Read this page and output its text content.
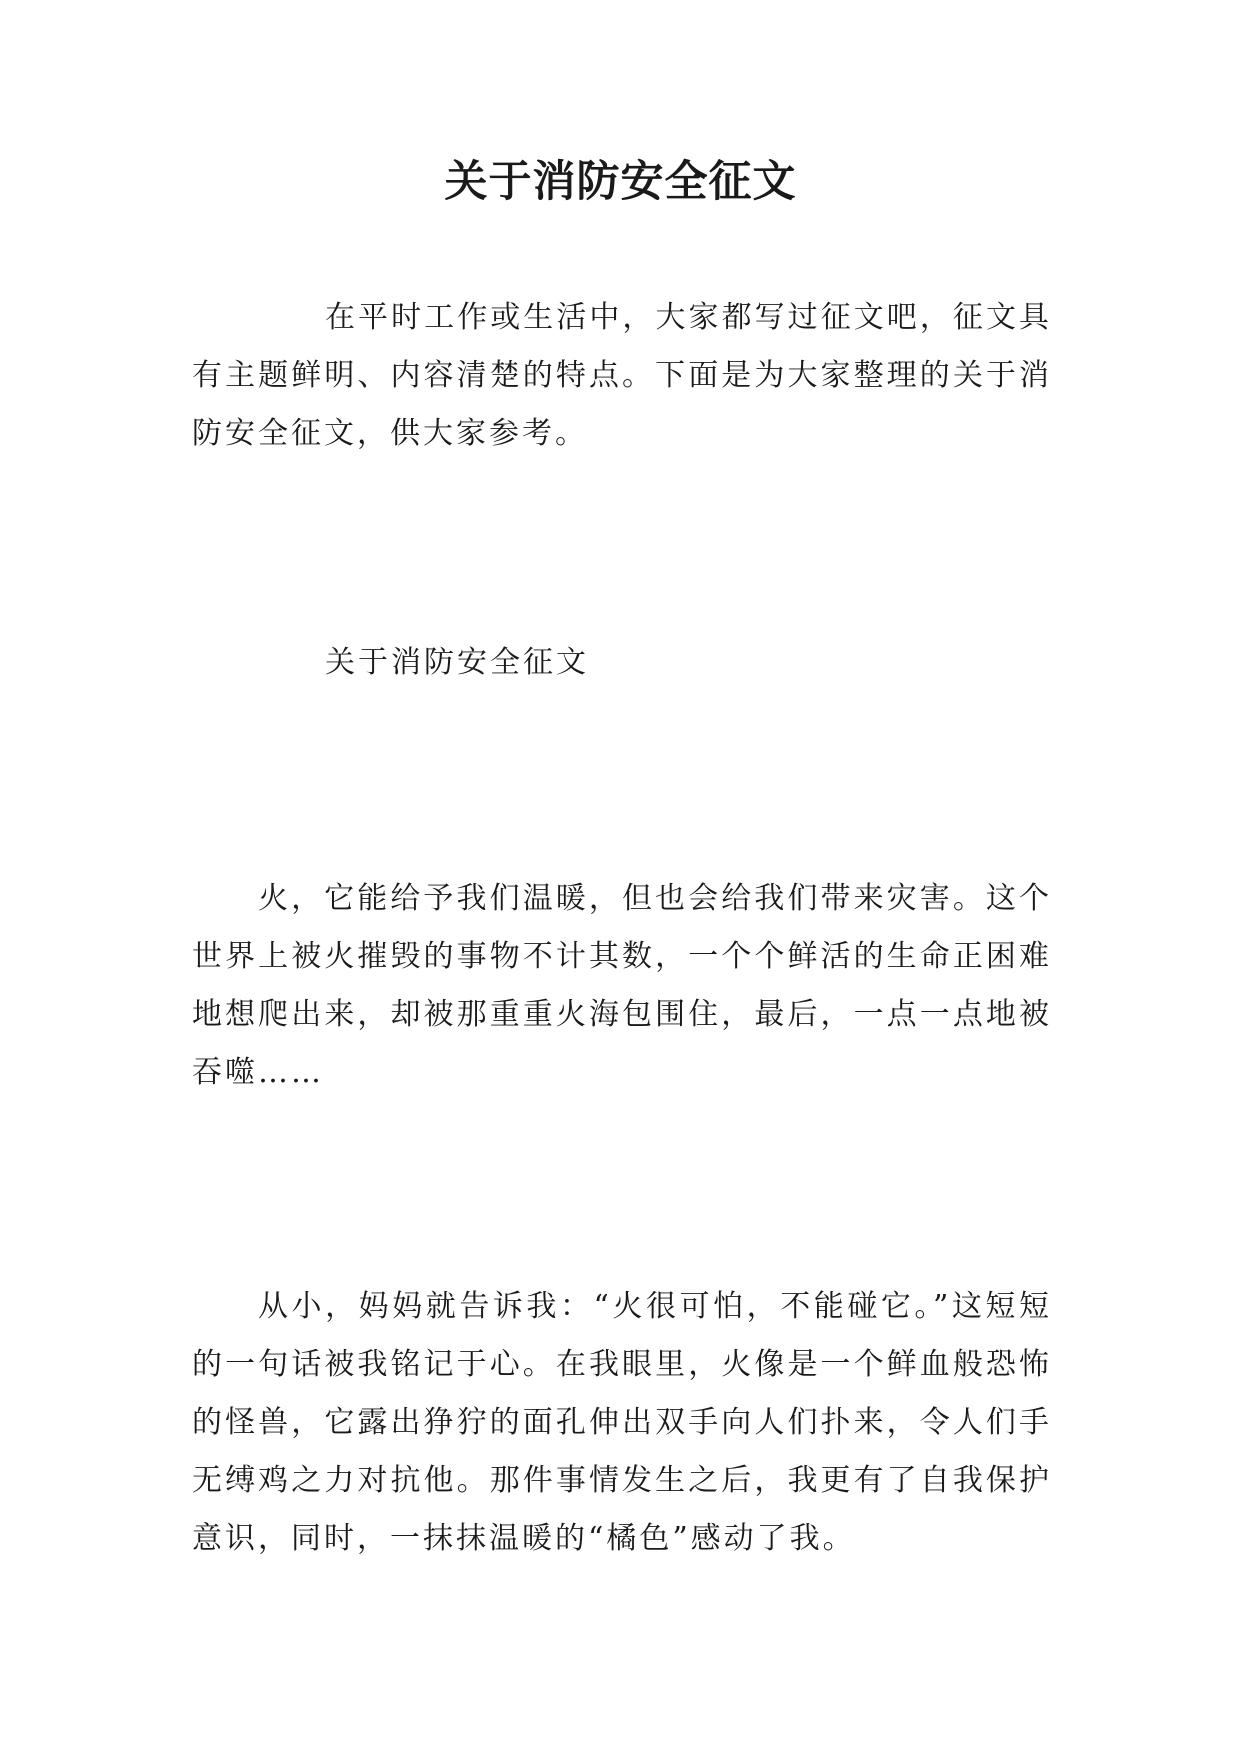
关于消防安全征文

在平时工作或生活中，大家都写过征文吧，征文具有主题鲜明、内容清楚的特点。下面是为大家整理的关于消防安全征文，供大家参考。

关于消防安全征文

火，它能给予我们温暖，但也会给我们带来灾害。这个世界上被火摧毁的事物不计其数，一个个鲜活的生命正困难地想爬出来，却被那重重火海包围住，最后，一点一点地被吞噬……

从小，妈妈就告诉我：“火很可怕，不能碰它。”这短短的一句话被我铭记于心。在我眼里，火像是一个鲜血般恐怖的怪兽，它露出狰狞的面孔伸出双手向人们扑来，令人们手无缚鸡之力对抗他。那件事情发生之后，我更有了自我保护意识，同时，一抹抹温暖的“橘色”感动了我。
